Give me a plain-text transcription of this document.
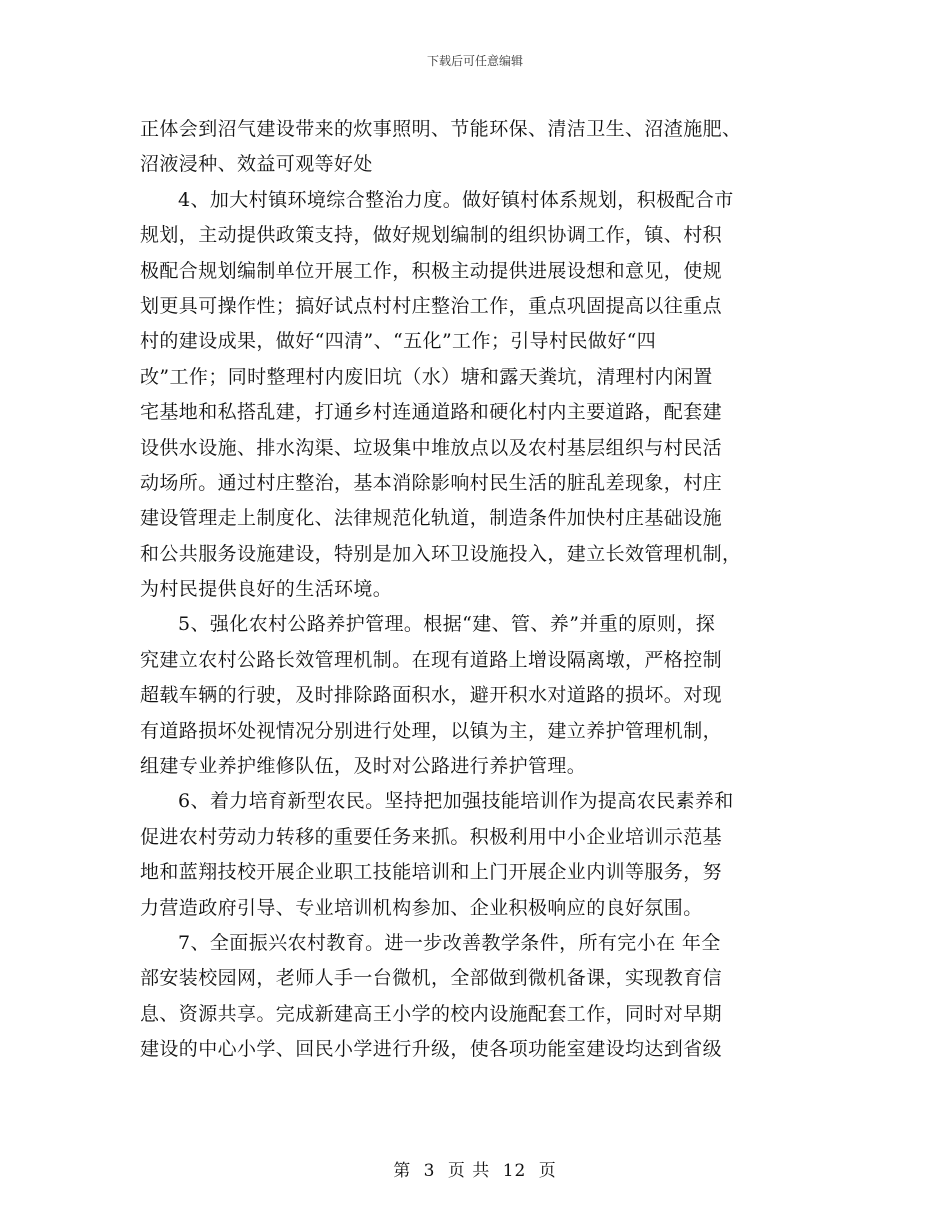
下载后可任意编辑
正体会到沼气建设带来的炊事照明、节能环保、清洁卫生、沼渣施肥、
沼液浸种、效益可观等好处
4、加大村镇环境综合整治力度。做好镇村体系规划，积极配合市
规划，主动提供政策支持，做好规划编制的组织协调工作，镇、村积
极配合规划编制单位开展工作，积极主动提供进展设想和意见，使规
划更具可操作性；搞好试点村村庄整治工作，重点巩固提高以往重点
村的建设成果，做好“四清”、“五化”工作；引导村民做好“四
改”工作；同时整理村内废旧坑（水）塘和露天粪坑，清理村内闲置
宅基地和私搭乱建，打通乡村连通道路和硬化村内主要道路，配套建
设供水设施、排水沟渠、垃圾集中堆放点以及农村基层组织与村民活
动场所。通过村庄整治，基本消除影响村民生活的脏乱差现象，村庄
建设管理走上制度化、法律规范化轨道，制造条件加快村庄基础设施
和公共服务设施建设，特别是加入环卫设施投入，建立长效管理机制，
为村民提供良好的生活环境。
5、强化农村公路养护管理。根据“建、管、养”并重的原则，探
究建立农村公路长效管理机制。在现有道路上增设隔离墩，严格控制
超载车辆的行驶，及时排除路面积水，避开积水对道路的损坏。对现
有道路损坏处视情况分别进行处理，以镇为主，建立养护管理机制，
组建专业养护维修队伍，及时对公路进行养护管理。
6、着力培育新型农民。坚持把加强技能培训作为提高农民素养和
促进农村劳动力转移的重要任务来抓。积极利用中小企业培训示范基
地和蓝翔技校开展企业职工技能培训和上门开展企业内训等服务，努
力营造政府引导、专业培训机构参加、企业积极响应的良好氛围。
7、全面振兴农村教育。进一步改善教学条件，所有完小在 年全
部安装校园网，老师人手一台微机，全部做到微机备课，实现教育信
息、资源共享。完成新建高王小学的校内设施配套工作，同时对早期
建设的中心小学、回民小学进行升级，使各项功能室建设均达到省级
第 3 页 共 12 页
